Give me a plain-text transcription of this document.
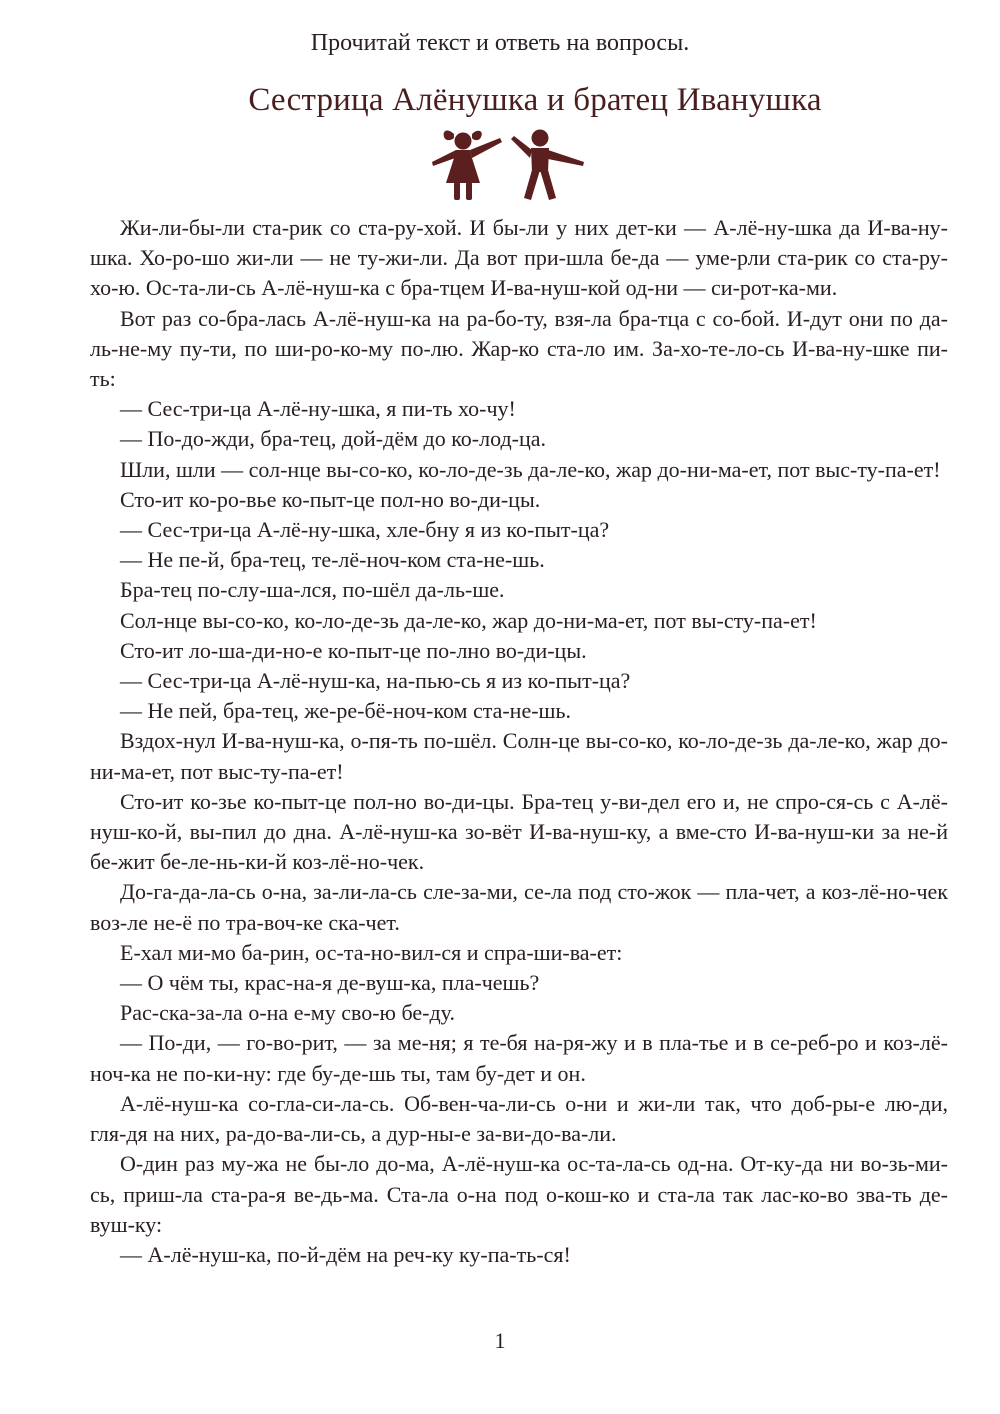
Прочитай текст и ответь на вопросы.
Сестрица Алёнушка и братец Иванушка

Жи-ли-бы-ли ста-рик со ста-ру-хой. И бы-ли у них дет-ки — А-лё-ну-шка да И-ва-ну-шка. Хо-ро-шо жи-ли — не ту-жи-ли. Да вот при-шла бе-да — уме-рли ста-рик со ста-ру-хо-ю. Ос-та-ли-сь А-лё-нуш-ка с бра-тцем И-ва-нуш-кой од-ни — си-рот-ка-ми.

Вот раз со-бра-лась А-лё-нуш-ка на ра-бо-ту, взя-ла бра-тца с со-бой. И-дут они по да-ль-не-му пу-ти, по ши-ро-ко-му по-лю. Жар-ко ста-ло им. За-хо-те-ло-сь И-ва-ну-шке пи-ть:

— Сес-три-ца А-лё-ну-шка, я пи-ть хо-чу!

— По-до-жди, бра-тец, дой-дём до ко-лод-ца.

Шли, шли — сол-нце вы-со-ко, ко-ло-де-зь да-ле-ко, жар до-ни-ма-ет, пот выс-ту-па-ет!

Сто-ит ко-ро-вье ко-пыт-це пол-но во-ди-цы.

— Сес-три-ца А-лё-ну-шка, хле-бну я из ко-пыт-ца?

— Не пе-й, бра-тец, те-лё-ноч-ком ста-не-шь.

Бра-тец по-слу-ша-лся, по-шёл да-ль-ше.

Сол-нце вы-со-ко, ко-ло-де-зь да-ле-ко, жар до-ни-ма-ет, пот вы-сту-па-ет!

Сто-ит ло-ша-ди-но-е ко-пыт-це по-лно во-ди-цы.

— Сес-три-ца А-лё-нуш-ка, на-пью-сь я из ко-пыт-ца?

— Не пей, бра-тец, же-ре-бё-ноч-ком ста-не-шь.

Вздох-нул И-ва-нуш-ка, о-пя-ть по-шёл. Солн-це вы-со-ко, ко-ло-де-зь да-ле-ко, жар до-ни-ма-ет, пот выс-ту-па-ет!

Сто-ит ко-зье ко-пыт-це пол-но во-ди-цы. Бра-тец у-ви-дел его и, не спро-ся-сь с А-лё-нуш-ко-й, вы-пил до дна. А-лё-нуш-ка зо-вёт И-ва-нуш-ку, а вме-сто И-ва-нуш-ки за не-й бе-жит бе-ле-нь-ки-й коз-лё-но-чек.

До-га-да-ла-сь о-на, за-ли-ла-сь сле-за-ми, се-ла под сто-жок — пла-чет, а коз-лё-но-чек воз-ле не-ё по тра-воч-ке ска-чет.

Е-хал ми-мо ба-рин, ос-та-но-вил-ся и спра-ши-ва-ет:

— О чём ты, крас-на-я де-вуш-ка, пла-чешь?

Рас-ска-за-ла о-на е-му сво-ю бе-ду.

— По-ди, — го-во-рит, — за ме-ня; я те-бя на-ря-жу и в пла-тье и в се-реб-ро и коз-лё-ноч-ка не по-ки-ну: где бу-де-шь ты, там бу-дет и он.

А-лё-нуш-ка со-гла-си-ла-сь. Об-вен-ча-ли-сь о-ни и жи-ли так, что доб-ры-е лю-ди, гля-дя на них, ра-до-ва-ли-сь, а дур-ны-е за-ви-до-ва-ли.

О-дин раз му-жа не бы-ло до-ма, А-лё-нуш-ка ос-та-ла-сь од-на. От-ку-да ни во-зь-ми-сь, приш-ла ста-ра-я ве-дь-ма. Ста-ла о-на под о-кош-ко и ста-ла так лас-ко-во зва-ть де-вуш-ку:

— А-лё-нуш-ка, по-й-дём на реч-ку ку-па-ть-ся!

1
